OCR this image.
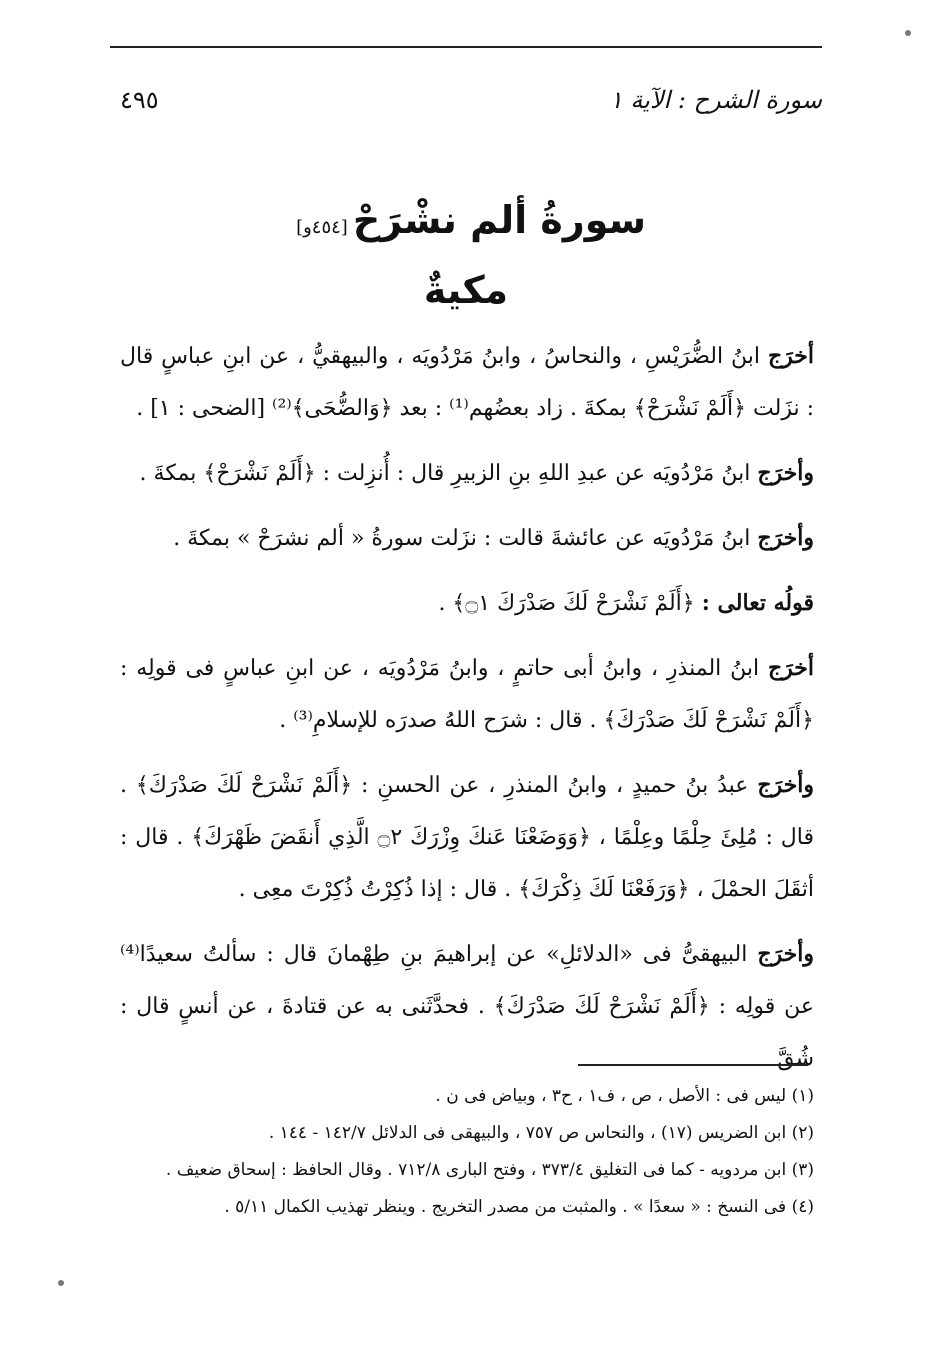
سورة الشرح : الآية ١
٤٩٥
سورةُ ألم نشْرَحْ [٤٥٤و]
مكيةٌ

أخرَج ابنُ الضُّرَيْسِ ، والنحاسُ ، وابنُ مَرْدُويَه ، والبيهقيُّ ، عن ابنِ عباسٍ قال : نزَلت ﴿أَلَمْ نَشْرَحْ﴾ بمكةَ . زاد بعضُهم⁽¹⁾ : بعد ﴿وَالضُّحَى﴾⁽²⁾ [الضحى : ١] .

وأخرَج ابنُ مَرْدُويَه عن عبدِ اللهِ بنِ الزبيرِ قال : أُنزِلت : ﴿أَلَمْ نَشْرَحْ﴾ بمكةَ .

وأخرَج ابنُ مَرْدُويَه عن عائشةَ قالت : نزَلت سورةُ « ألم نشرَحْ » بمكةَ .

قولُه تعالى : ﴿أَلَمْ نَشْرَحْ لَكَ صَدْرَكَ ۝١﴾ .

أخرَج ابنُ المنذرِ ، وابنُ أبى حاتمٍ ، وابنُ مَرْدُويَه ، عن ابنِ عباسٍ فى قولِه : ﴿أَلَمْ نَشْرَحْ لَكَ صَدْرَكَ﴾ . قال : شرَح اللهُ صدرَه للإسلامِ⁽³⁾ .

وأخرَج عبدُ بنُ حميدٍ ، وابنُ المنذرِ ، عن الحسنِ : ﴿أَلَمْ نَشْرَحْ لَكَ صَدْرَكَ﴾ . قال : مُلِئَ حِلْمًا وعِلْمًا ، ﴿وَوَضَعْنَا عَنكَ وِزْرَكَ ۝٢ الَّذِي أَنقَضَ ظَهْرَكَ﴾ . قال : أثقَلَ الحمْلَ ، ﴿وَرَفَعْنَا لَكَ ذِكْرَكَ﴾ . قال : إذا ذُكِرْتُ ذُكِرْتَ معِى .

وأخرَج البيهقىُّ فى «الدلائلِ» عن إبراهيمَ بنِ طِهْمانَ قال : سألتُ سعيدًا⁽⁴⁾ عن قولِه : ﴿أَلَمْ نَشْرَحْ لَكَ صَدْرَكَ﴾ . فحدَّثَنى به عن قتادةَ ، عن أنسٍ قال : شُقَّ

(١) ليس فى : الأصل ، ص ، ف١ ، ح٣ ، وبياض فى ن .
(٢) ابن الضريس (١٧) ، والنحاس ص ٧٥٧ ، والبيهقى فى الدلائل ١٤٢/٧ - ١٤٤ .
(٣) ابن مردويه - كما فى التغليق ٣٧٣/٤ ، وفتح البارى ٧١٢/٨ . وقال الحافظ : إسحاق ضعيف .
(٤) فى النسخ : « سعدًا » . والمثبت من مصدر التخريج . وينظر تهذيب الكمال ٥/١١ .
